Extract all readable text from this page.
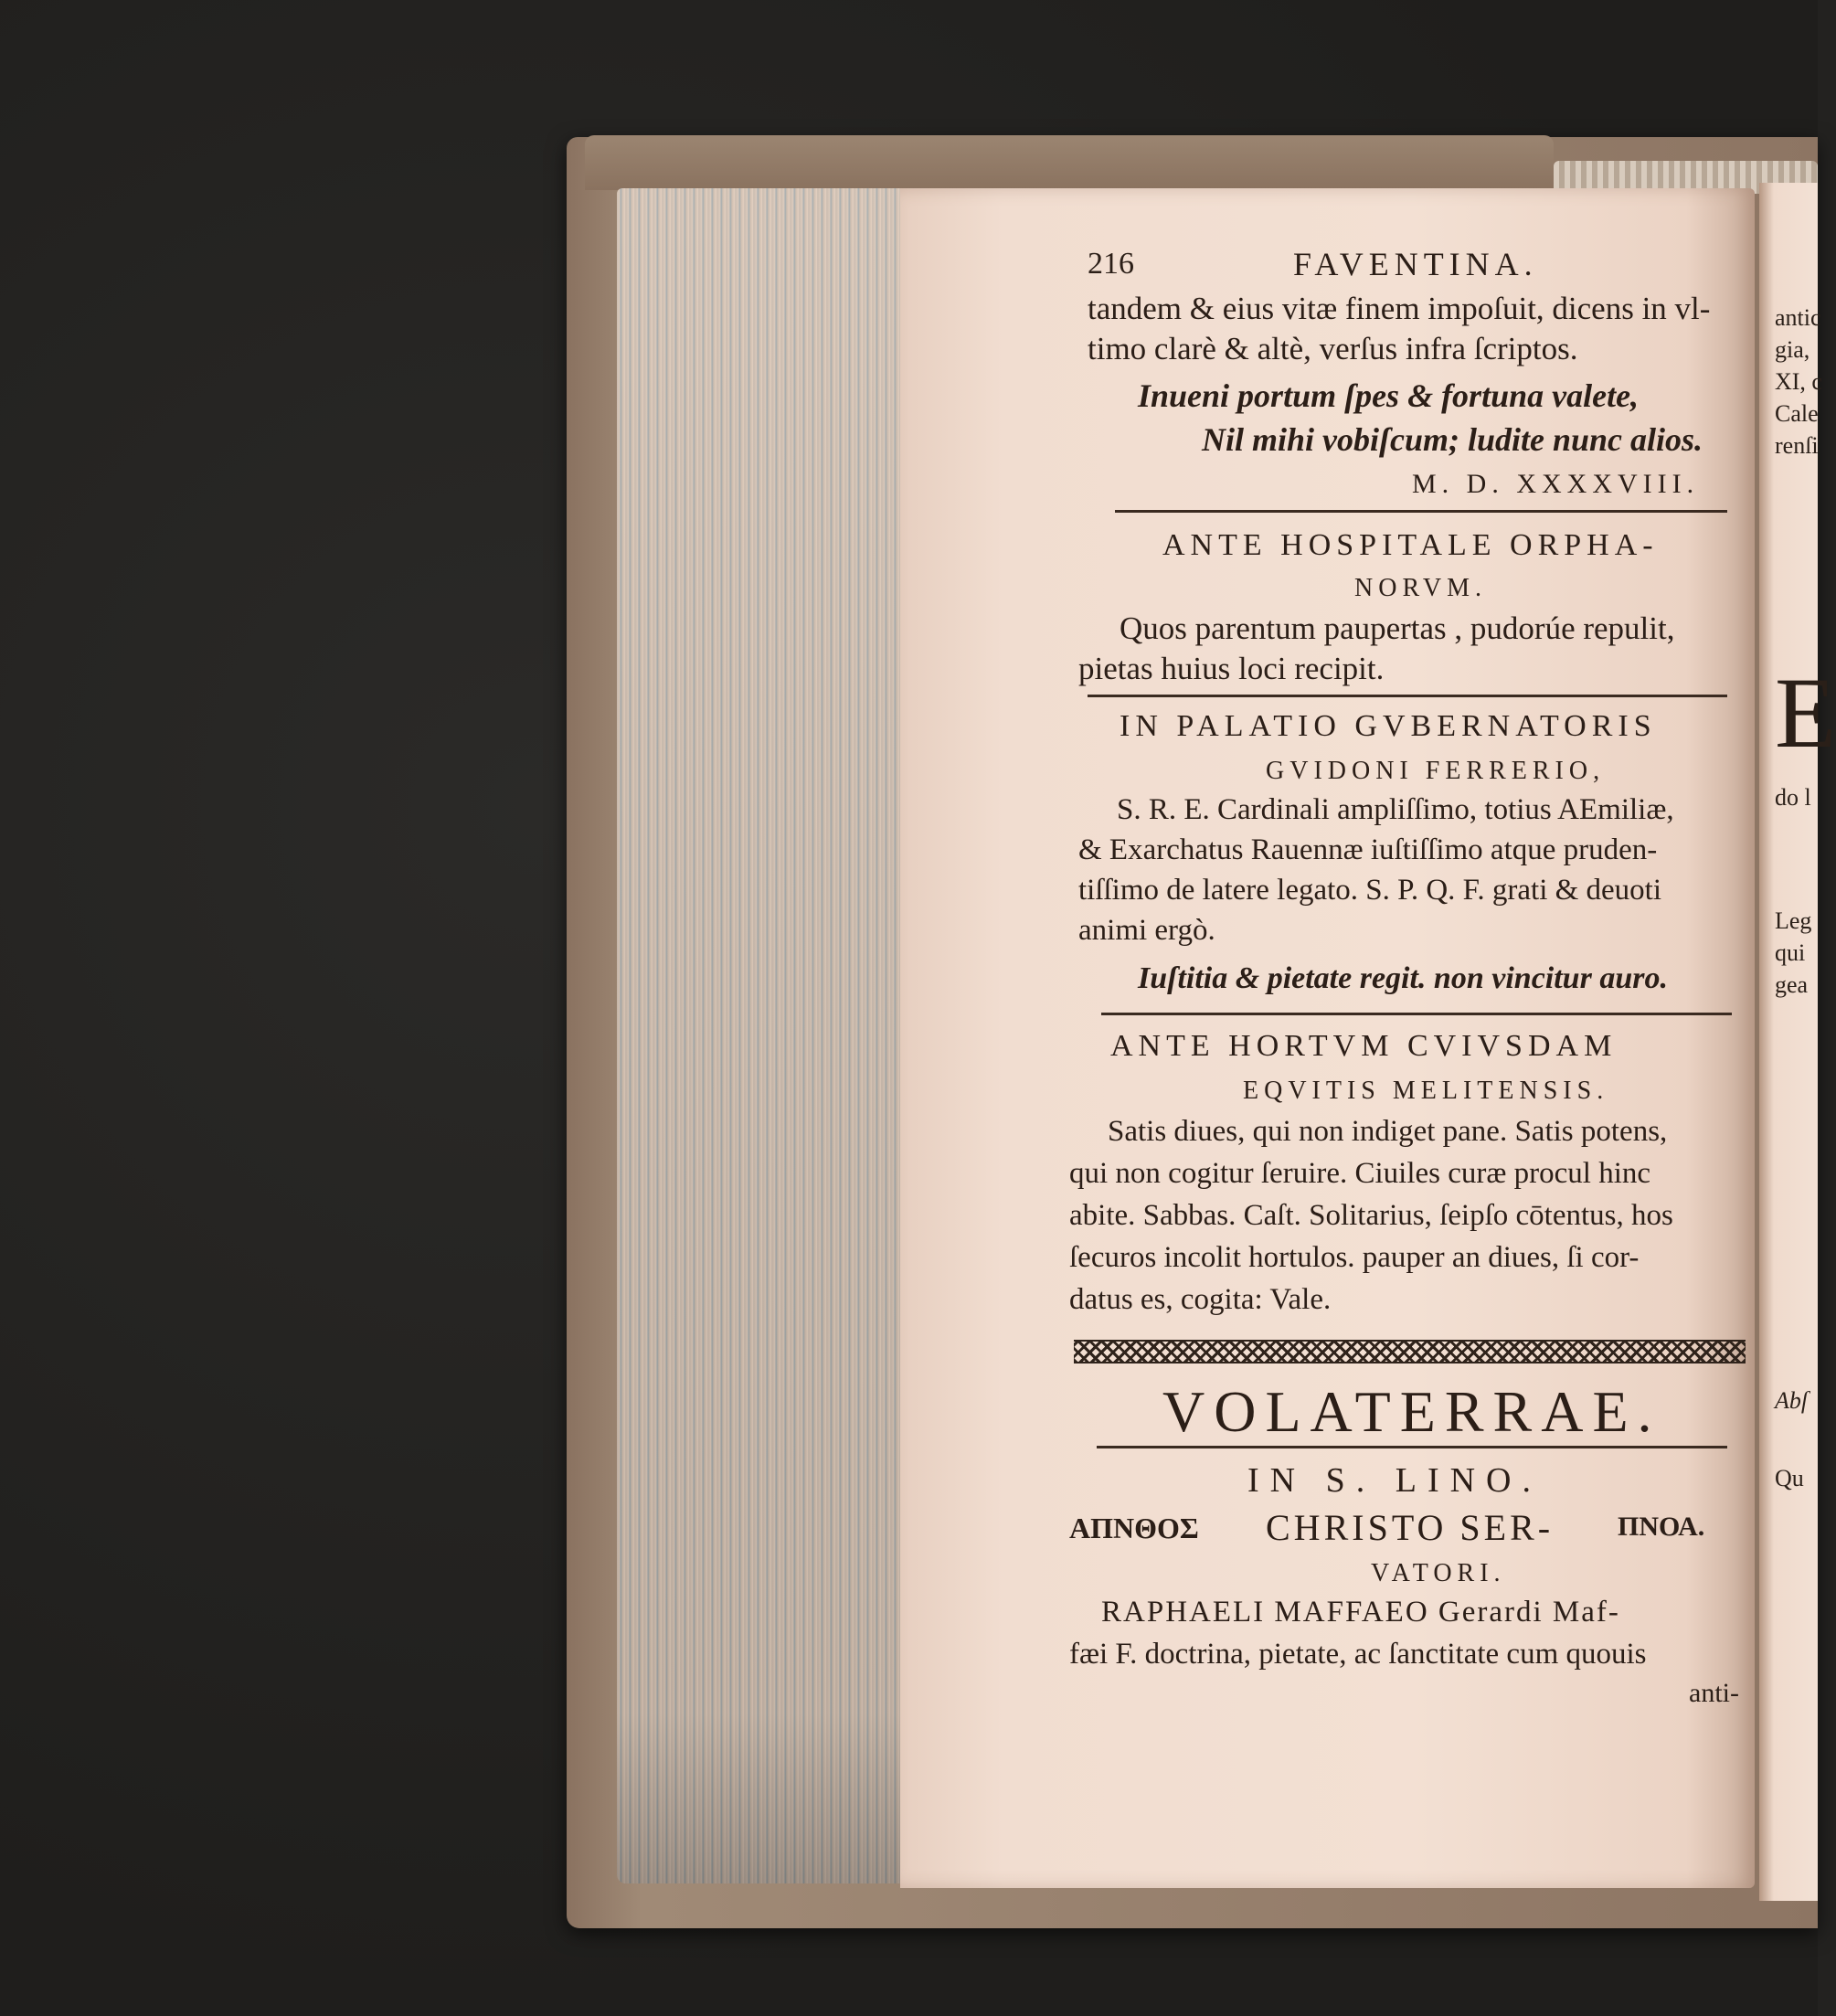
antic
gia,
XI, c
Cale
renſi
E
do l
Leg
qui
gea
Abſ
Qu
216	FAVENTINA.
tandem & eius vitæ finem impoſuit, dicens in vl-
timo clarè & altè, verſus infra ſcriptos.
Inueni portum ſpes & fortuna valete,
Nil mihi vobiſcum; ludite nunc alios.
M. D. XXXXVIII.
ANTE HOSPITALE ORPHA-
NORVM.
Quos parentum paupertas , pudorúe repulit,
pietas huius loci recipit.
IN PALATIO GVBERNATORIS
GVIDONI FERRERIO,
S. R. E. Cardinali ampliſſimo, totius AEmiliæ,
& Exarchatus Rauennæ iuſtiſſimo atque pruden-
tiſſimo de latere legato. S. P. Q. F. grati & deuoti
animi ergò.
Iuſtitia & pietate regit. non vincitur auro.
ANTE HORTVM CVIVSDAM
EQVITIS MELITENSIS.
Satis diues, qui non indiget pane. Satis potens,
qui non cogitur ſeruire. Ciuiles curæ procul hinc
abite. Sabbas. Caſt. Solitarius, ſeipſo cōtentus, hos
ſecuros incolit hortulos. pauper an diues, ſi cor-
datus es, cogita: Vale.
VOLATERRAE.
IN S. LINO.
ΑΠΝΘΟΣ CHRISTO SER- ΠΝΟΑ.
VATORI.
RAPHAELI MAFFAEO Gerardi Maf-
fæi F. doctrina, pietate, ac ſanctitate cum quouis
anti-
